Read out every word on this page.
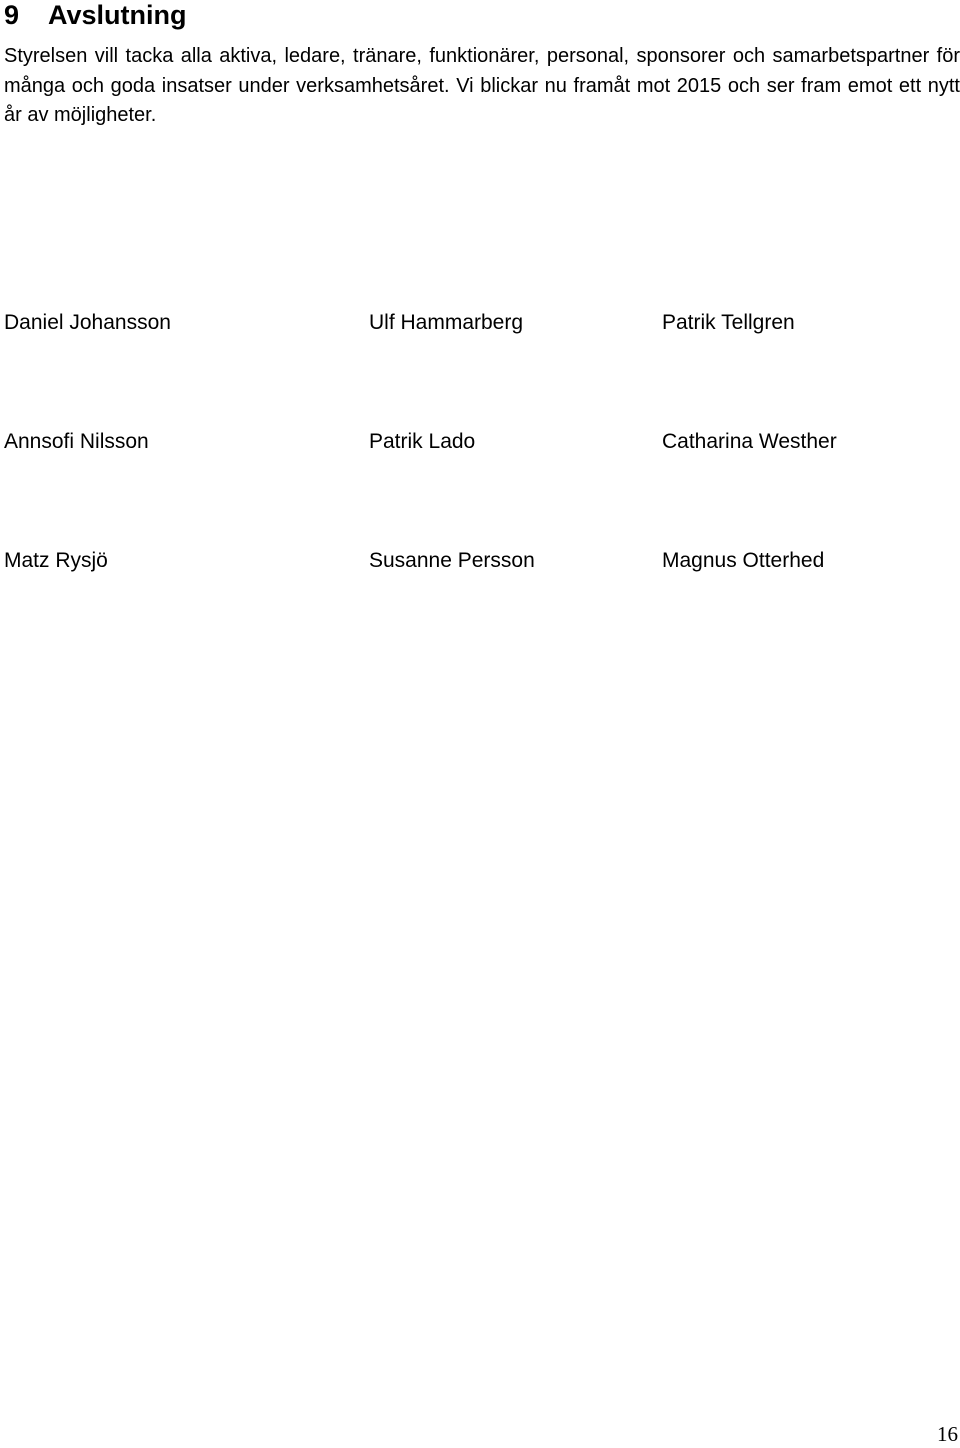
9 Avslutning

Styrelsen vill tacka alla aktiva, ledare, tränare, funktionärer, personal, sponsorer och samarbetspartner för många och goda insatser under verksamhetsåret. Vi blickar nu framåt mot 2015 och ser fram emot ett nytt år av möjligheter.

Daniel Johansson	Ulf Hammarberg	Patrik Tellgren
Annsofi Nilsson	Patrik Lado	Catharina Westher
Matz Rysjö	Susanne Persson	Magnus Otterhed
16
